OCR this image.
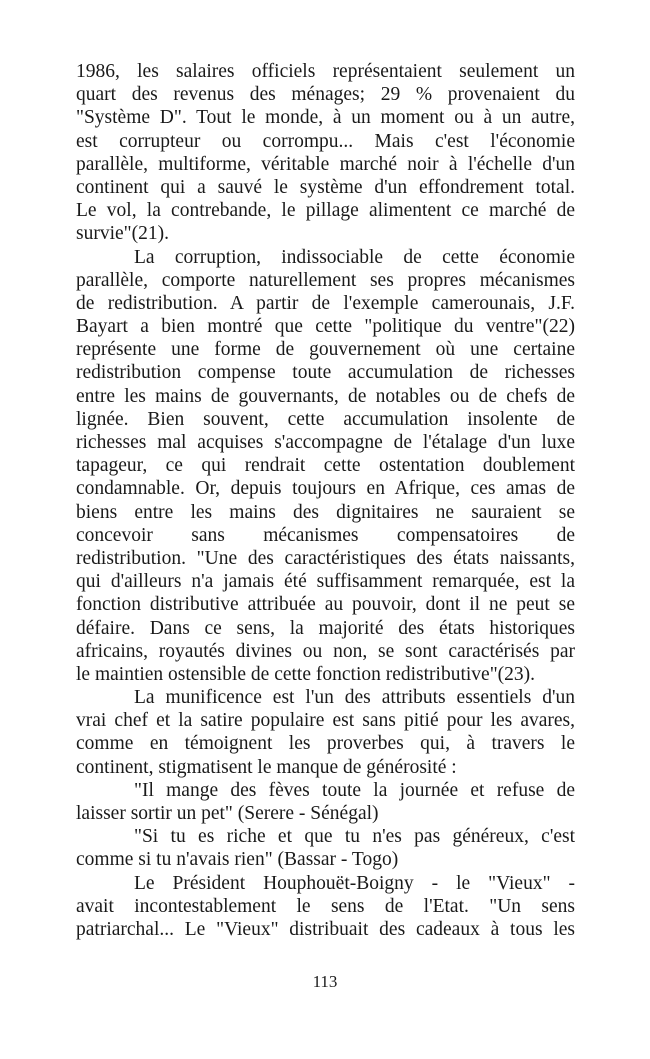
1986, les salaires officiels représentaient seulement un
quart des revenus des ménages; 29 % provenaient du
"Système D". Tout le monde, à un moment ou à un autre,
est corrupteur ou corrompu... Mais c'est l'économie
parallèle, multiforme, véritable marché noir à l'échelle d'un
continent qui a sauvé le système d'un effondrement total.
Le vol, la contrebande, le pillage alimentent ce marché de
survie"(21).
La corruption, indissociable de cette économie
parallèle, comporte naturellement ses propres mécanismes
de redistribution. A partir de l'exemple camerounais, J.F.
Bayart a bien montré que cette "politique du ventre"(22)
représente une forme de gouvernement où une certaine
redistribution compense toute accumulation de richesses
entre les mains de gouvernants, de notables ou de chefs de
lignée. Bien souvent, cette accumulation insolente de
richesses mal acquises s'accompagne de l'étalage d'un luxe
tapageur, ce qui rendrait cette ostentation doublement
condamnable. Or, depuis toujours en Afrique, ces amas de
biens entre les mains des dignitaires ne sauraient se
concevoir sans mécanismes compensatoires de
redistribution. "Une des caractéristiques des états naissants,
qui d'ailleurs n'a jamais été suffisamment remarquée, est la
fonction distributive attribuée au pouvoir, dont il ne peut se
défaire. Dans ce sens, la majorité des états historiques
africains, royautés divines ou non, se sont caractérisés par
le maintien ostensible de cette fonction redistributive"(23).
La munificence est l'un des attributs essentiels d'un
vrai chef et la satire populaire est sans pitié pour les avares,
comme en témoignent les proverbes qui, à travers le
continent, stigmatisent le manque de générosité :
"Il mange des fèves toute la journée et refuse de
laisser sortir un pet" (Serere - Sénégal)
"Si tu es riche et que tu n'es pas généreux, c'est
comme si tu n'avais rien" (Bassar - Togo)
Le Président Houphouët-Boigny - le "Vieux" -
avait incontestablement le sens de l'Etat. "Un sens
patriarchal... Le "Vieux" distribuait des cadeaux à tous les
113
